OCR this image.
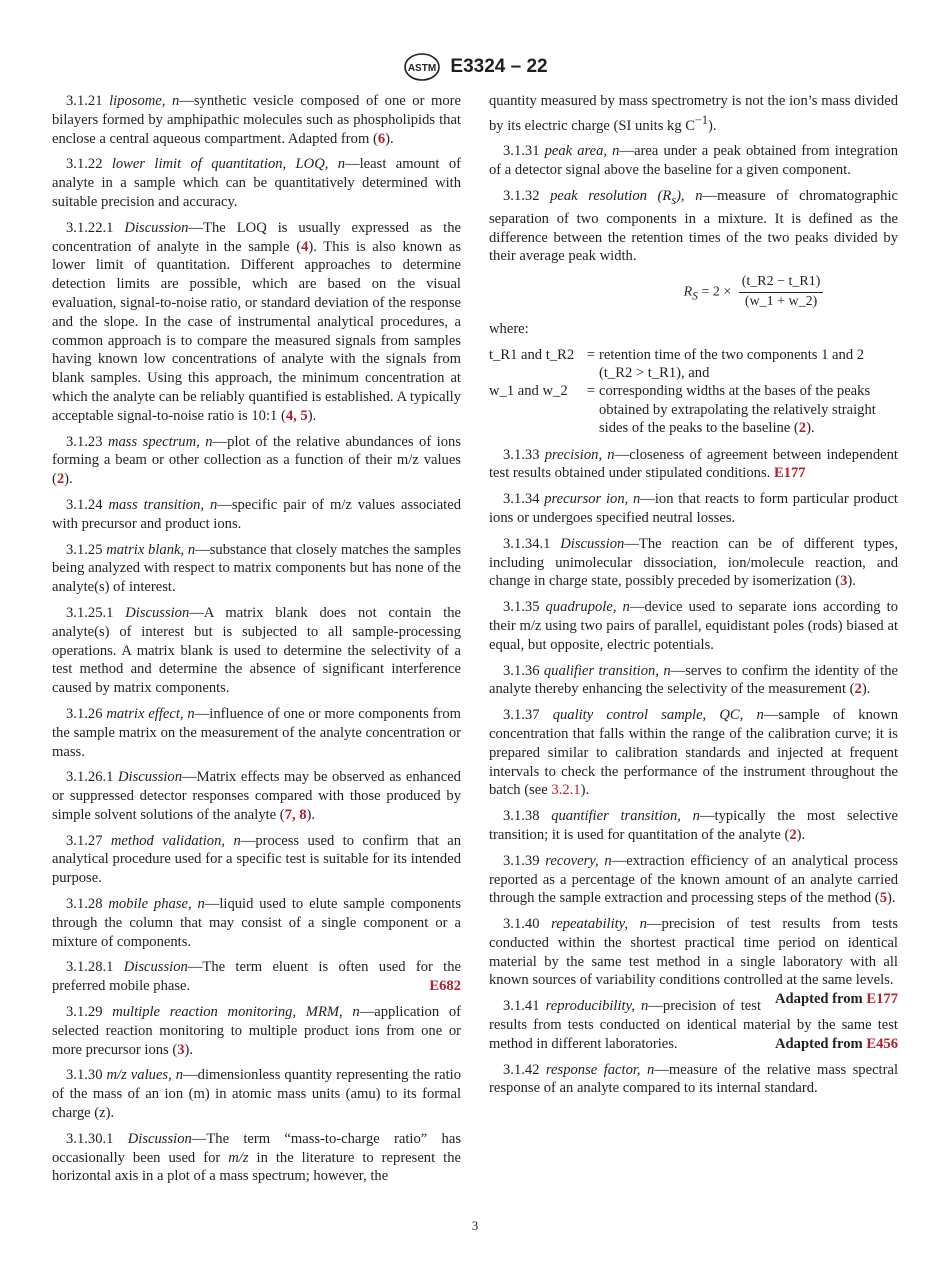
ASTM E3324 – 22

3.1.21 liposome, n—synthetic vesicle composed of one or more bilayers formed by amphipathic molecules such as phospholipids that enclose a central aqueous compartment. Adapted from (6).

3.1.22 lower limit of quantitation, LOQ, n—least amount of analyte in a sample which can be quantitatively determined with suitable precision and accuracy.

3.1.22.1 Discussion—The LOQ is usually expressed as the concentration of analyte in the sample (4). This is also known as lower limit of quantitation. Different approaches to determine detection limits are possible, which are based on the visual evaluation, signal-to-noise ratio, or standard deviation of the response and the slope. In the case of instrumental analytical procedures, a common approach is to compare the measured signals from samples having known low concentrations of analyte with the signals from blank samples. Using this approach, the minimum concentration at which the analyte can be reliably quantified is established. A typically acceptable signal-to-noise ratio is 10:1 (4, 5).

3.1.23 mass spectrum, n—plot of the relative abundances of ions forming a beam or other collection as a function of their m/z values (2).

3.1.24 mass transition, n—specific pair of m/z values associated with precursor and product ions.

3.1.25 matrix blank, n—substance that closely matches the samples being analyzed with respect to matrix components but has none of the analyte(s) of interest.

3.1.25.1 Discussion—A matrix blank does not contain the analyte(s) of interest but is subjected to all sample-processing operations. A matrix blank is used to determine the selectivity of a test method and determine the absence of significant interference caused by matrix components.

3.1.26 matrix effect, n—influence of one or more components from the sample matrix on the measurement of the analyte concentration or mass.

3.1.26.1 Discussion—Matrix effects may be observed as enhanced or suppressed detector responses compared with those produced by simple solvent solutions of the analyte (7, 8).

3.1.27 method validation, n—process used to confirm that an analytical procedure used for a specific test is suitable for its intended purpose.

3.1.28 mobile phase, n—liquid used to elute sample components through the column that may consist of a single component or a mixture of components.

3.1.28.1 Discussion—The term eluent is often used for the preferred mobile phase.	E682

3.1.29 multiple reaction monitoring, MRM, n—application of selected reaction monitoring to multiple product ions from one or more precursor ions (3).

3.1.30 m/z values, n—dimensionless quantity representing the ratio of the mass of an ion (m) in atomic mass units (amu) to its formal charge (z).

3.1.30.1 Discussion—The term “mass-to-charge ratio” has occasionally been used for m/z in the literature to represent the horizontal axis in a plot of a mass spectrum; however, the

quantity measured by mass spectrometry is not the ion’s mass divided by its electric charge (SI units kg $C^{-1}$).

3.1.31 peak area, n—area under a peak obtained from integration of a detector signal above the baseline for a given component.

3.1.32 peak resolution $(R_s)$, n—measure of chromatographic separation of two components in a mixture. It is defined as the difference between the retention times of the two peaks divided by their average peak width.

$R_S = 2 \times \frac{(t\_R2 - t\_R1)}{(w\_1 + w\_2)}$

where:

t_R1 and t_R2	=	retention time of the two components 1 and 2 (t_R2 > t_R1), and
w_1 and w_2	=	corresponding widths at the bases of the peaks obtained by extrapolating the relatively straight sides of the peaks to the baseline (2).

3.1.33 precision, n—closeness of agreement between independent test results obtained under stipulated conditions. E177

3.1.34 precursor ion, n—ion that reacts to form particular product ions or undergoes specified neutral losses.

3.1.34.1 Discussion—The reaction can be of different types, including unimolecular dissociation, ion/molecule reaction, and change in charge state, possibly preceded by isomerization (3).

3.1.35 quadrupole, n—device used to separate ions according to their m/z using two pairs of parallel, equidistant poles (rods) biased at equal, but opposite, electric potentials.

3.1.36 qualifier transition, n—serves to confirm the identity of the analyte thereby enhancing the selectivity of the measurement (2).

3.1.37 quality control sample, QC, n—sample of known concentration that falls within the range of the calibration curve; it is prepared similar to calibration standards and injected at frequent intervals to check the performance of the instrument throughout the batch (see 3.2.1).

3.1.38 quantifier transition, n—typically the most selective transition; it is used for quantitation of the analyte (2).

3.1.39 recovery, n—extraction efficiency of an analytical process reported as a percentage of the known amount of an analyte carried through the sample extraction and processing steps of the method (5).

3.1.40 repeatability, n—precision of test results from tests conducted within the shortest practical time period on identical material by the same test method in a single laboratory with all known sources of variability conditions controlled at the same levels.
Adapted from E177

3.1.41 reproducibility, n—precision of test results from tests conducted on identical material by the same test method in different laboratories.	Adapted from E456

3.1.42 response factor, n—measure of the relative mass spectral response of an analyte compared to its internal standard.

3
